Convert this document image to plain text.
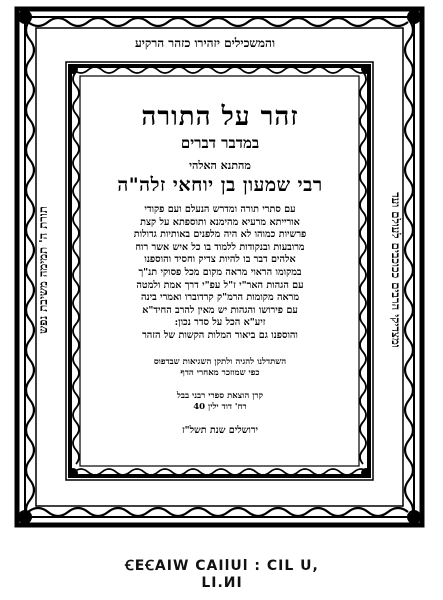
והמשכילים יזהירו כזהר הרקיע
ומצדיקי הרבים ככוכבים לעולם ועד
תורת ה' תמימה משיבת נפש
זהר על התורה
במדבר דברים
מהתנא האלהי
רבי שמעון בן יוחאי זלה"ה
עם סתרי תורה ומדרש הנעלם ועם פקודי
אורייתא מרעיא מהימנא ותוספתא על קצת
פרשיות כמוהו לא היה מלפנים באותיות גדולות
מרובעות ובנקודות ללמוד בו כל איש אשר רוח
אלהים דבר בו להיות צדיק וחסיד והוספנו
במקומו הראוי מראה מקום מכל פסוקי תנ"ך
עם הגהות האר"י ז"ל עפ"י דרך אמת ולמטה
מראה מקומות הרמ"ק קרדוברו ואמרי בינה
עם פירושו והגהות יש מאין להרב החיד"א
זיע"א הכל על סדר נכון:
והוספנו גם ביאור המלות הקשות של הזהר
השתדלנו להגיה ולתקן השגיאות שבדפוס
כפי שמוזכר מאחרי הדף
קרן הוצאת ספרי רבני בבל
רח' דוד ילין 40
ירושלים שנת תשל"ז
ꞒEꞒAIW ⅭAIlUl : ⅭIL U, ⅬI.ИI
